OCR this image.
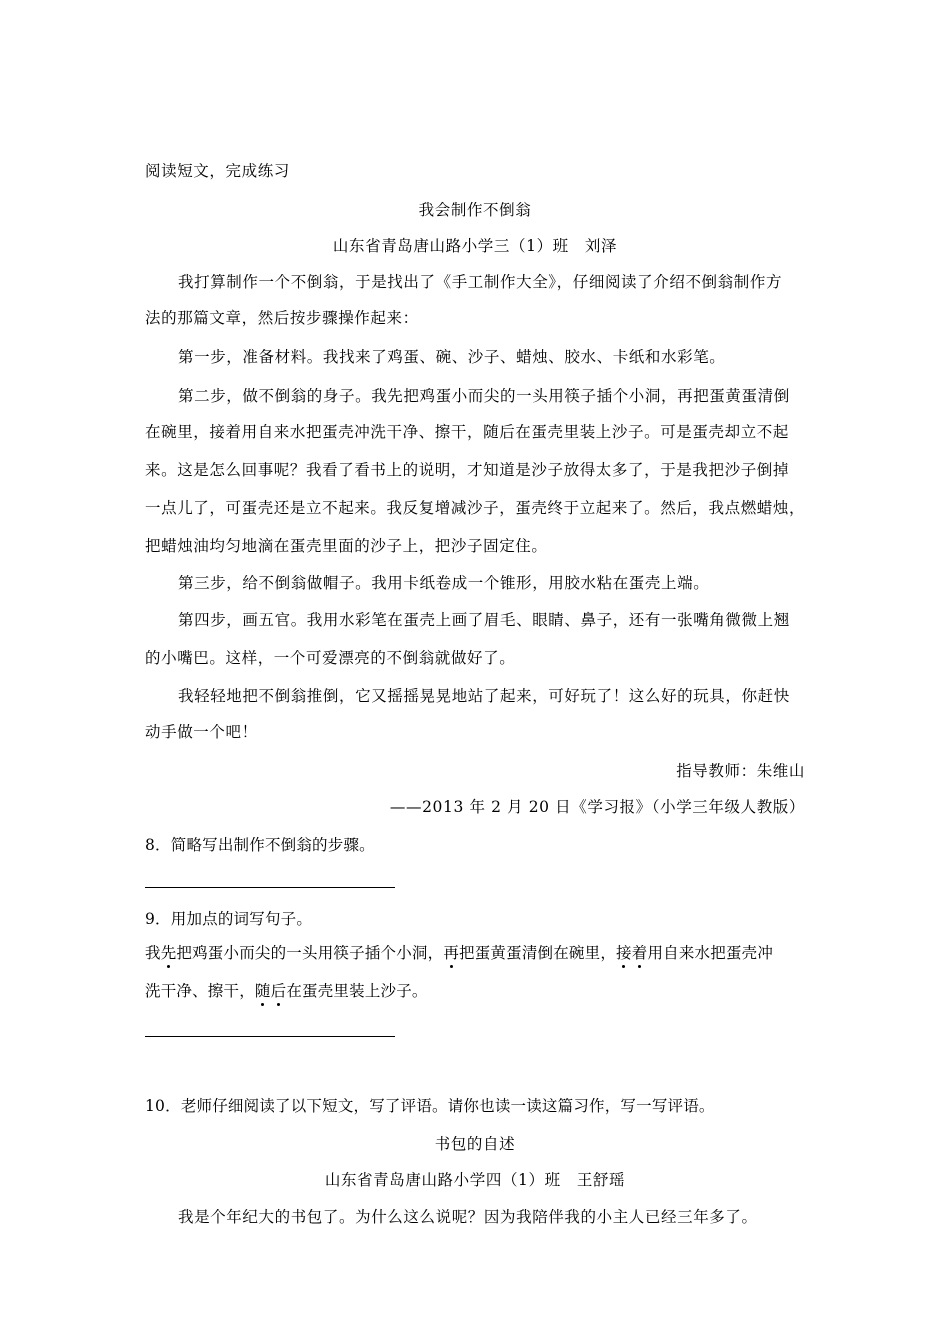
阅读短文，完成练习
我会制作不倒翁
山东省青岛唐山路小学三（1）班　刘泽
我打算制作一个不倒翁，于是找出了《手工制作大全》，仔细阅读了介绍不倒翁制作方
法的那篇文章，然后按步骤操作起来：
第一步，准备材料。我找来了鸡蛋、碗、沙子、蜡烛、胶水、卡纸和水彩笔。
第二步，做不倒翁的身子。我先把鸡蛋小而尖的一头用筷子插个小洞，再把蛋黄蛋清倒
在碗里，接着用自来水把蛋壳冲洗干净、擦干，随后在蛋壳里装上沙子。可是蛋壳却立不起
来。这是怎么回事呢？我看了看书上的说明，才知道是沙子放得太多了，于是我把沙子倒掉
一点儿了，可蛋壳还是立不起来。我反复增减沙子，蛋壳终于立起来了。然后，我点燃蜡烛，
把蜡烛油均匀地滴在蛋壳里面的沙子上，把沙子固定住。
第三步，给不倒翁做帽子。我用卡纸卷成一个锥形，用胶水粘在蛋壳上端。
第四步，画五官。我用水彩笔在蛋壳上画了眉毛、眼睛、鼻子，还有一张嘴角微微上翘
的小嘴巴。这样，一个可爱漂亮的不倒翁就做好了。
我轻轻地把不倒翁推倒，它又摇摇晃晃地站了起来，可好玩了！这么好的玩具，你赶快
动手做一个吧！
指导教师：朱维山
——2013 年 2 月 20 日《学习报》（小学三年级人教版）
8．简略写出制作不倒翁的步骤。
9．用加点的词写句子。
我先把鸡蛋小而尖的一头用筷子插个小洞，再把蛋黄蛋清倒在碗里，接着用自来水把蛋壳冲
洗干净、擦干，随后在蛋壳里装上沙子。
10．老师仔细阅读了以下短文，写了评语。请你也读一读这篇习作，写一写评语。
书包的自述
山东省青岛唐山路小学四（1）班　王舒瑶
我是个年纪大的书包了。为什么这么说呢？因为我陪伴我的小主人已经三年多了。
